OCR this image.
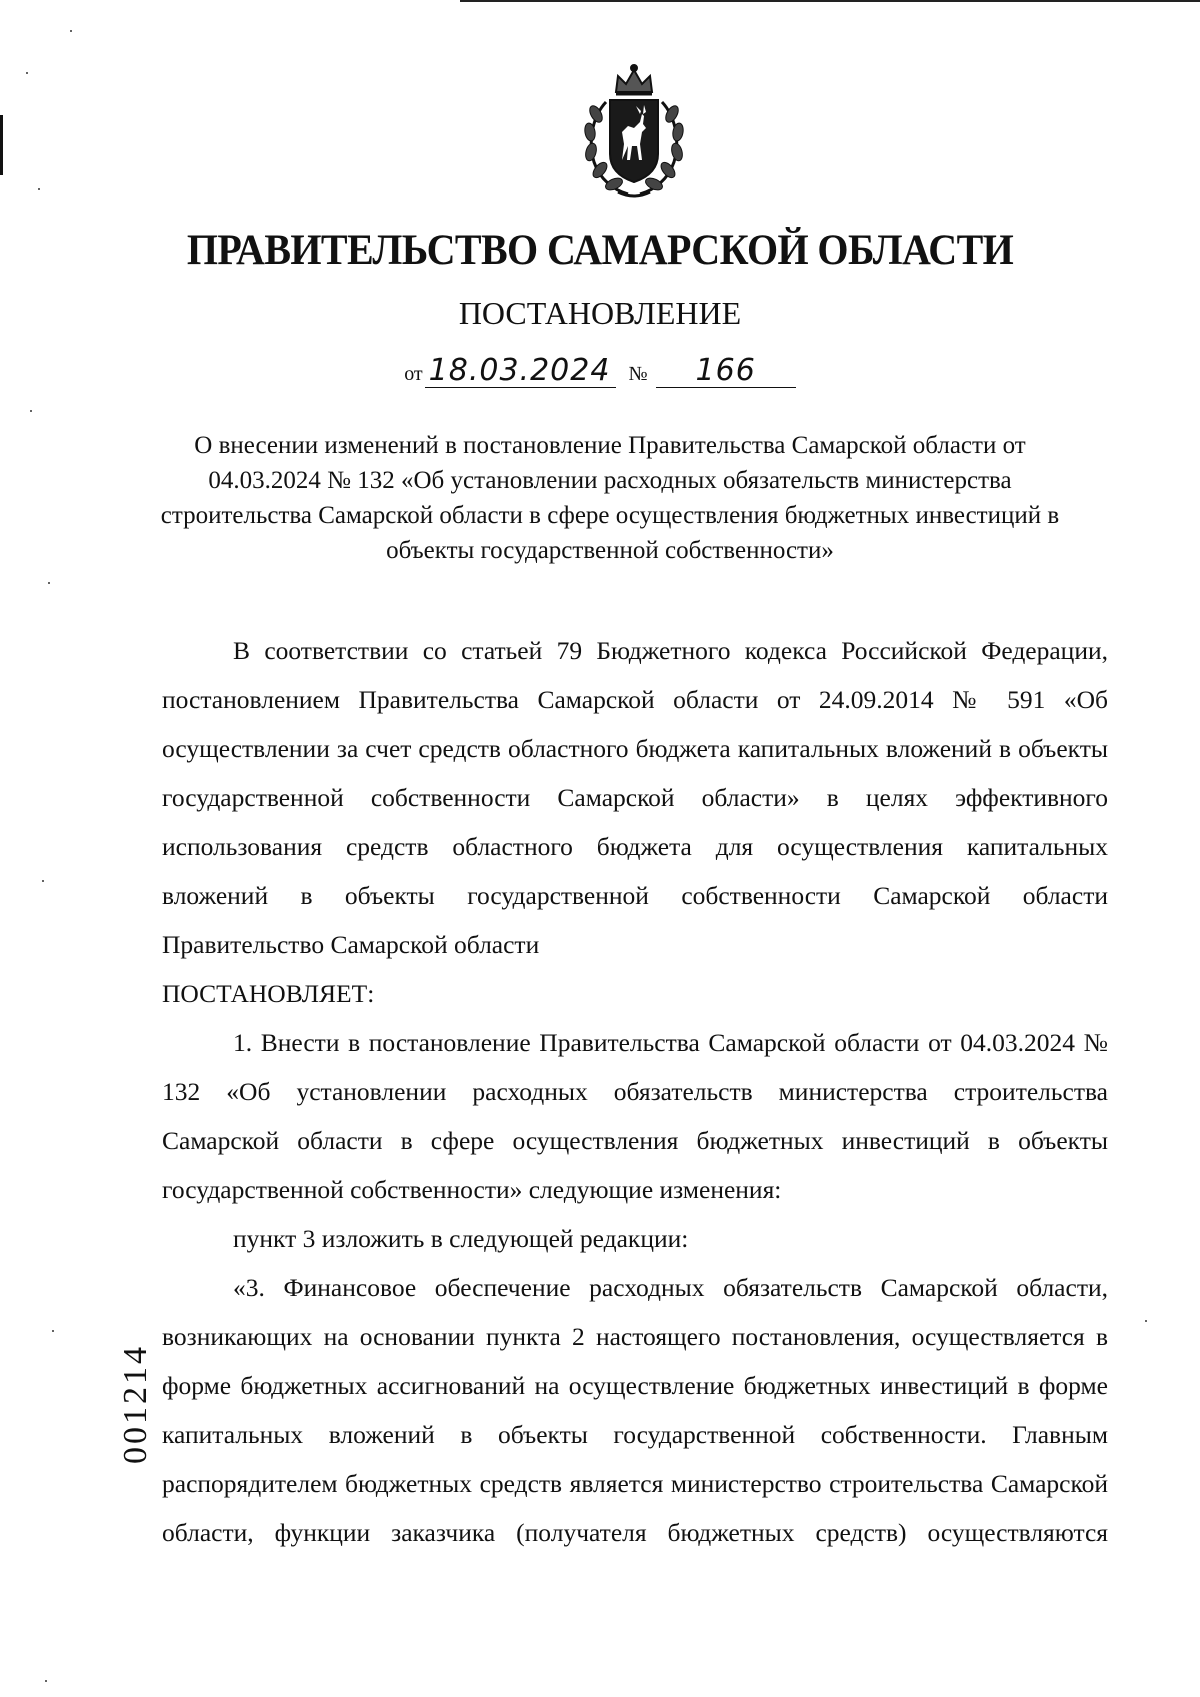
ПРАВИТЕЛЬСТВО САМАРСКОЙ ОБЛАСТИ
ПОСТАНОВЛЕНИЕ
от 18.03.2024 № 166
О внесении изменений в постановление Правительства Самарской области от 04.03.2024 № 132 «Об установлении расходных обязательств министерства строительства Самарской области в сфере осуществления бюджетных инвестиций в объекты государственной собственности»

В соответствии со статьей 79 Бюджетного кодекса Российской Федерации, постановлением Правительства Самарской области от 24.09.2014 № 591 «Об осуществлении за счет средств областного бюджета капитальных вложений в объекты государственной собственности Самарской области» в целях эффективного использования средств областного бюджета для осуществления капитальных вложений в объекты государственной собственности Самарской области Правительство Самарской области

ПОСТАНОВЛЯЕТ:

1. Внести в постановление Правительства Самарской области от 04.03.2024 № 132 «Об установлении расходных обязательств министерства строительства Самарской области в сфере осуществления бюджетных инвестиций в объекты государственной собственности» следующие изменения:

пункт 3 изложить в следующей редакции:

«3. Финансовое обеспечение расходных обязательств Самарской области, возникающих на основании пункта 2 настоящего постановления, осуществляется в форме бюджетных ассигнований на осуществление бюджетных инвестиций в форме капитальных вложений в объекты государственной собственности. Главным распорядителем бюджетных средств является министерство строительства Самарской области, функции заказчика (получателя бюджетных средств) осуществляются

001214
